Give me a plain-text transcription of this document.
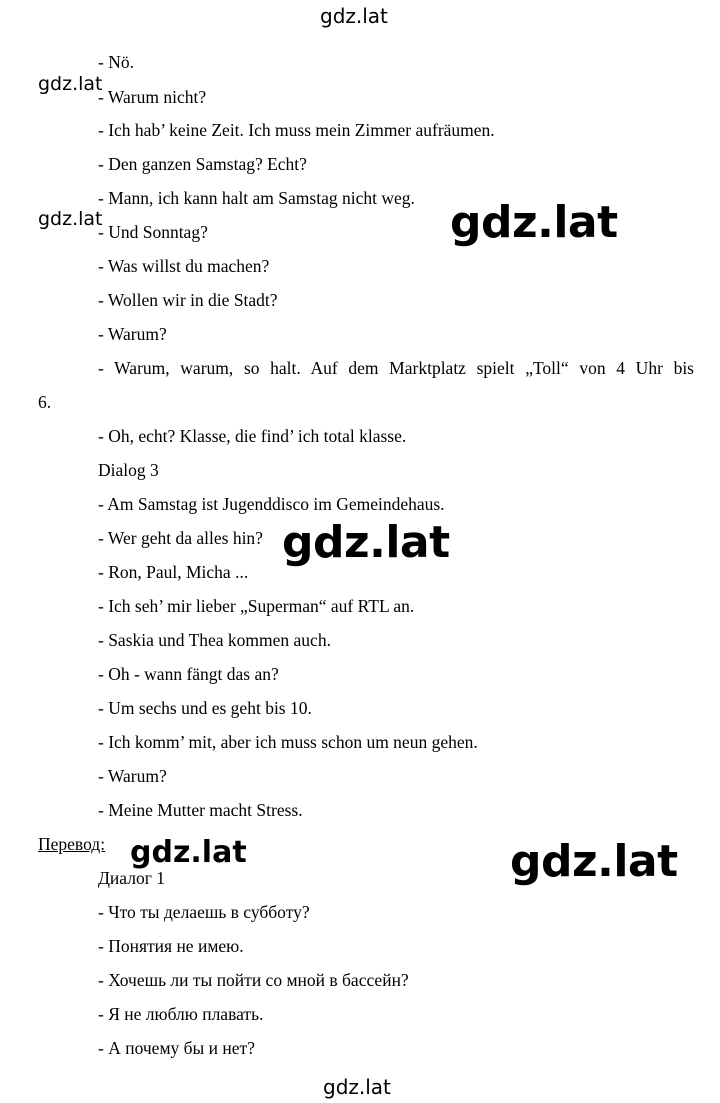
- Nö.
- Warum nicht?
- Ich hab’ keine Zeit. Ich muss mein Zimmer aufräumen.
- Den ganzen Samstag? Echt?
- Mann, ich kann halt am Samstag nicht weg.
- Und Sonntag?
- Was willst du machen?
- Wollen wir in die Stadt?
- Warum?
- Warum, warum, so halt. Auf dem Marktplatz spielt „Toll“ von 4 Uhr bis
6.
- Oh, echt? Klasse, die find’ ich total klasse.
Dialog 3
- Am Samstag ist Jugenddisco im Gemeindehaus.
- Wer geht da alles hin?
- Ron, Paul, Micha ...
- Ich seh’ mir lieber „Superman“ auf RTL an.
- Saskia und Thea kommen auch.
- Oh - wann fängt das an?
- Um sechs und es geht bis 10.
- Ich komm’ mit, aber ich muss schon um neun gehen.
- Warum?
- Meine Mutter macht Stress.
Перевод:
Диалог 1
- Что ты делаешь в субботу?
- Понятия не имею.
- Хочешь ли ты пойти со мной в бассейн?
- Я не люблю плавать.
- А почему бы и нет?
gdz.lat
gdz.lat
gdz.lat	gdz.lat
gdz.lat
gdz.lat	gdz.lat
gdz.lat
